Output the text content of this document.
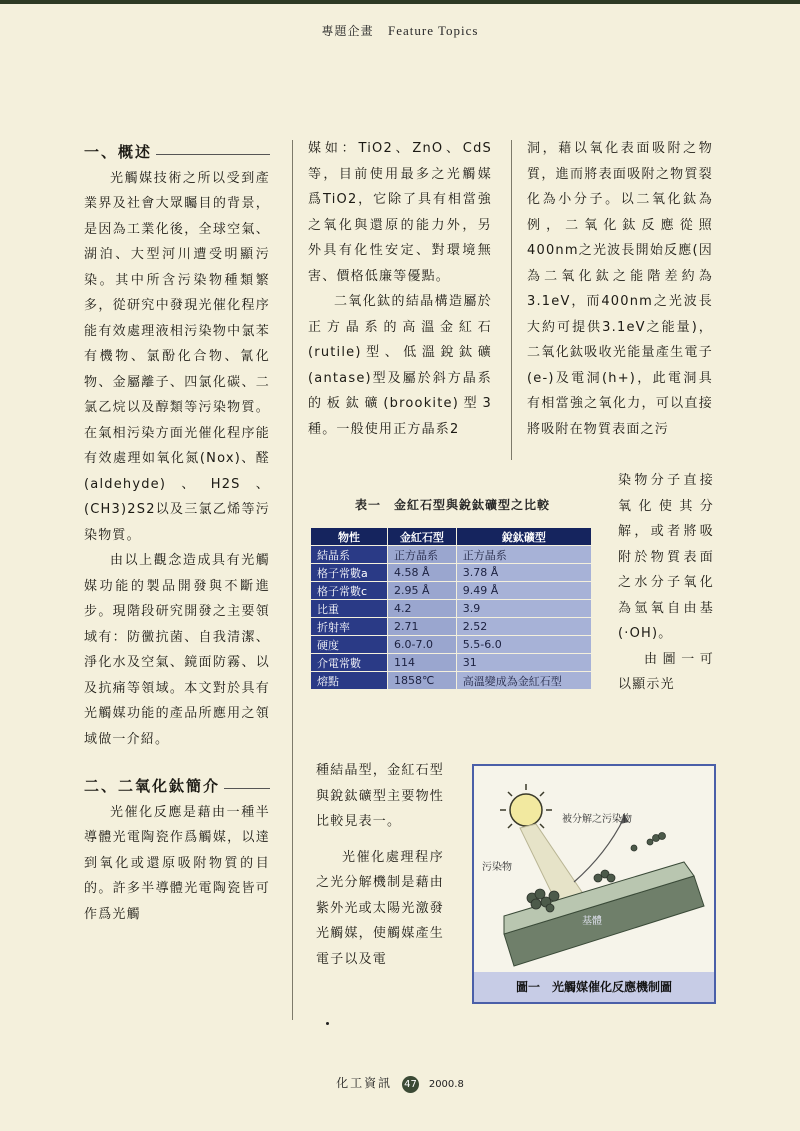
專題企畫 Feature Topics
一、概述

光觸媒技術之所以受到產業界及社會大眾矚目的背景，是因為工業化後，全球空氣、湖泊、大型河川遭受明顯污染。其中所含污染物種類繁多，從研究中發現光催化程序能有效處理液相污染物中氯苯有機物、氯酚化合物、氰化物、金屬離子、四氯化碳、二氯乙烷以及醇類等污染物質。在氣相污染方面光催化程序能有效處理如氧化氮(Nox)、醛(aldehyde)、H2S、(CH3)2S2以及三氯乙烯等污染物質。

由以上觀念造成具有光觸媒功能的製品開發與不斷進步。現階段研究開發之主要領域有：防黴抗菌、自我清潔、淨化水及空氣、鏡面防霧、以及抗痛等領域。本文對於具有光觸媒功能的產品所應用之領域做一介紹。

二、二氧化鈦簡介

光催化反應是藉由一種半導體光電陶瓷作爲觸媒，以達到氧化或還原吸附物質的目的。許多半導體光電陶瓷皆可作爲光觸

媒如：TiO2、ZnO、CdS等，目前使用最多之光觸媒爲TiO2，它除了具有相當強之氧化與還原的能力外，另外具有化性安定、對環境無害、價格低廉等優點。

二氧化鈦的結晶構造屬於正方晶系的高溫金紅石(rutile)型、低溫銳鈦礦(antase)型及屬於斜方晶系的板鈦礦(brookite)型3種。一般使用正方晶系2

洞，藉以氧化表面吸附之物質，進而將表面吸附之物質裂化為小分子。以二氧化鈦為例，二氧化鈦反應從照400nm之光波長開始反應(因為二氧化鈦之能階差約為3.1eV，而400nm之光波長大約可提供3.1eV之能量)，二氧化鈦吸收光能量產生電子(e-)及電洞(h+)，此電洞具有相當強之氧化力，可以直接將吸附在物質表面之污

染物分子直接氧化使其分解，或者將吸附於物質表面之水分子氧化為氫氧自由基(·OH)。

由圖一可以顯示光

表一　金紅石型與銳鈦礦型之比較
物性	金紅石型	銳鈦礦型
結晶系	正方晶系	正方晶系
格子常數a	4.58 Å	3.78 Å
格子常數c	2.95 Å	9.49 Å
比重	4.2	3.9
折射率	2.71	2.52
硬度	6.0-7.0	5.5-6.0
介電常數	114	31
熔點	1858℃	高溫變成為金紅石型

種結晶型，金紅石型與銳鈦礦型主要物性比較見表一。

光催化處理程序之光分解機制是藉由紫外光或太陽光激發光觸媒，使觸媒產生電子以及電

被分解之污染物
污染物
基體
圖一　光觸媒催化反應機制圖
化工資訊 47 2000.8
